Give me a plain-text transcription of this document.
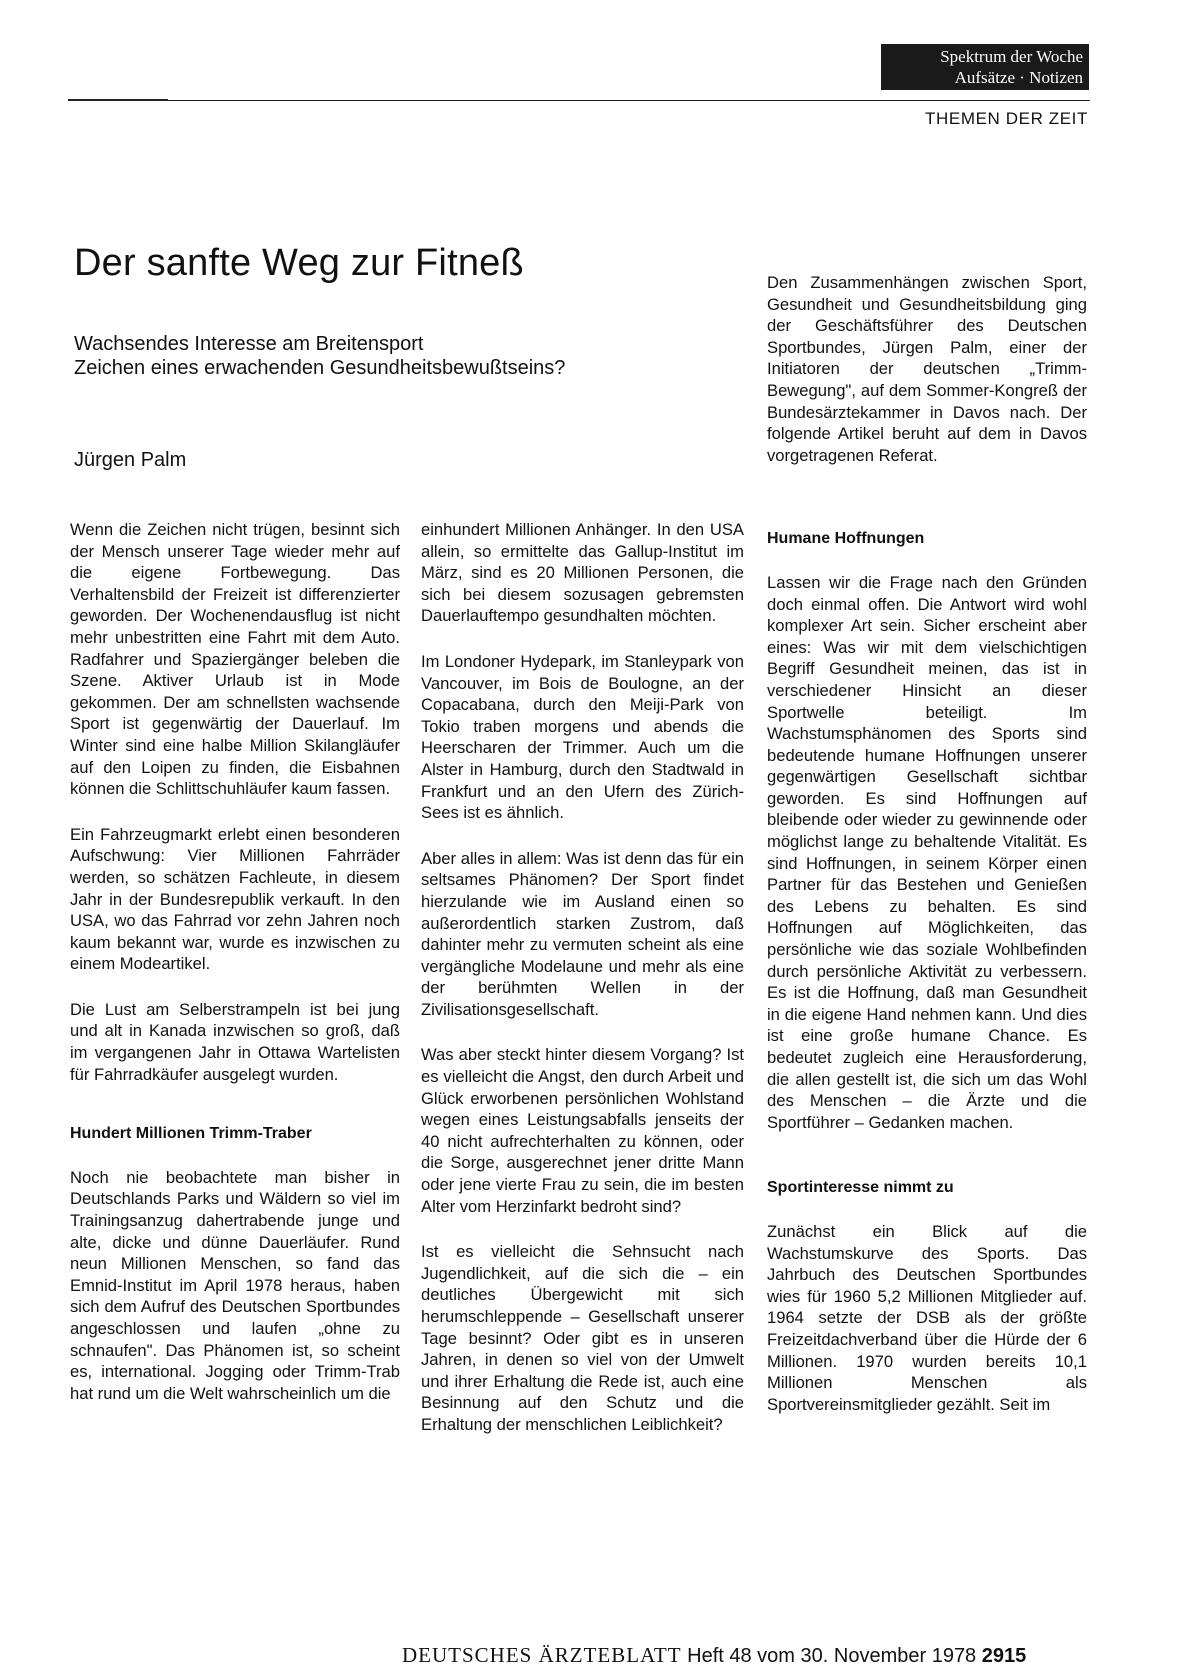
Spektrum der Woche
Aufsätze · Notizen
THEMEN DER ZEIT
Der sanfte Weg zur Fitneß
Wachsendes Interesse am Breitensport
Zeichen eines erwachenden Gesundheitsbewußtseins?
Jürgen Palm

Wenn die Zeichen nicht trügen, besinnt sich der Mensch unserer Tage wieder mehr auf die eigene Fortbewegung. Das Verhaltensbild der Freizeit ist differenzierter geworden. Der Wochenendausflug ist nicht mehr unbestritten eine Fahrt mit dem Auto. Radfahrer und Spaziergänger beleben die Szene. Aktiver Urlaub ist in Mode gekommen. Der am schnellsten wachsende Sport ist gegenwärtig der Dauerlauf. Im Winter sind eine halbe Million Skilangläufer auf den Loipen zu finden, die Eisbahnen können die Schlittschuhläufer kaum fassen.

Ein Fahrzeugmarkt erlebt einen besonderen Aufschwung: Vier Millionen Fahrräder werden, so schätzen Fachleute, in diesem Jahr in der Bundesrepublik verkauft. In den USA, wo das Fahrrad vor zehn Jahren noch kaum bekannt war, wurde es inzwischen zu einem Modeartikel.

Die Lust am Selberstrampeln ist bei jung und alt in Kanada inzwischen so groß, daß im vergangenen Jahr in Ottawa Wartelisten für Fahrradkäufer ausgelegt wurden.

Hundert Millionen Trimm-Traber

Noch nie beobachtete man bisher in Deutschlands Parks und Wäldern so viel im Trainingsanzug dahertrabende junge und alte, dicke und dünne Dauerläufer. Rund neun Millionen Menschen, so fand das Emnid-Institut im April 1978 heraus, haben sich dem Aufruf des Deutschen Sportbundes angeschlossen und laufen „ohne zu schnaufen". Das Phänomen ist, so scheint es, international. Jogging oder Trimm-Trab hat rund um die Welt wahrscheinlich um die

einhundert Millionen Anhänger. In den USA allein, so ermittelte das Gallup-Institut im März, sind es 20 Millionen Personen, die sich bei diesem sozusagen gebremsten Dauerlauftempo gesundhalten möchten.

Im Londoner Hydepark, im Stanleypark von Vancouver, im Bois de Boulogne, an der Copacabana, durch den Meiji-Park von Tokio traben morgens und abends die Heerscharen der Trimmer. Auch um die Alster in Hamburg, durch den Stadtwald in Frankfurt und an den Ufern des Zürich-Sees ist es ähnlich.

Aber alles in allem: Was ist denn das für ein seltsames Phänomen? Der Sport findet hierzulande wie im Ausland einen so außerordentlich starken Zustrom, daß dahinter mehr zu vermuten scheint als eine vergängliche Modelaune und mehr als eine der berühmten Wellen in der Zivilisationsgesellschaft.

Was aber steckt hinter diesem Vorgang? Ist es vielleicht die Angst, den durch Arbeit und Glück erworbenen persönlichen Wohlstand wegen eines Leistungsabfalls jenseits der 40 nicht aufrechterhalten zu können, oder die Sorge, ausgerechnet jener dritte Mann oder jene vierte Frau zu sein, die im besten Alter vom Herzinfarkt bedroht sind?

Ist es vielleicht die Sehnsucht nach Jugendlichkeit, auf die sich die – ein deutliches Übergewicht mit sich herumschleppende – Gesellschaft unserer Tage besinnt? Oder gibt es in unseren Jahren, in denen so viel von der Umwelt und ihrer Erhaltung die Rede ist, auch eine Besinnung auf den Schutz und die Erhaltung der menschlichen Leiblichkeit?

Den Zusammenhängen zwischen Sport, Gesundheit und Gesundheitsbildung ging der Geschäftsführer des Deutschen Sportbundes, Jürgen Palm, einer der Initiatoren der deutschen „Trimm-Bewegung", auf dem Sommer-Kongreß der Bundesärztekammer in Davos nach. Der folgende Artikel beruht auf dem in Davos vorgetragenen Referat.

Humane Hoffnungen

Lassen wir die Frage nach den Gründen doch einmal offen. Die Antwort wird wohl komplexer Art sein. Sicher erscheint aber eines: Was wir mit dem vielschichtigen Begriff Gesundheit meinen, das ist in verschiedener Hinsicht an dieser Sportwelle beteiligt. Im Wachstumsphänomen des Sports sind bedeutende humane Hoffnungen unserer gegenwärtigen Gesellschaft sichtbar geworden. Es sind Hoffnungen auf bleibende oder wieder zu gewinnende oder möglichst lange zu behaltende Vitalität. Es sind Hoffnungen, in seinem Körper einen Partner für das Bestehen und Genießen des Lebens zu behalten. Es sind Hoffnungen auf Möglichkeiten, das persönliche wie das soziale Wohlbefinden durch persönliche Aktivität zu verbessern. Es ist die Hoffnung, daß man Gesundheit in die eigene Hand nehmen kann. Und dies ist eine große humane Chance. Es bedeutet zugleich eine Herausforderung, die allen gestellt ist, die sich um das Wohl des Menschen – die Ärzte und die Sportführer – Gedanken machen.

Sportinteresse nimmt zu

Zunächst ein Blick auf die Wachstumskurve des Sports. Das Jahrbuch des Deutschen Sportbundes wies für 1960 5,2 Millionen Mitglieder auf. 1964 setzte der DSB als der größte Freizeitdachverband über die Hürde der 6 Millionen. 1970 wurden bereits 10,1 Millionen Menschen als Sportvereinsmitglieder gezählt. Seit im

DEUTSCHES ÄRZTEBLATT Heft 48 vom 30. November 1978 2915
